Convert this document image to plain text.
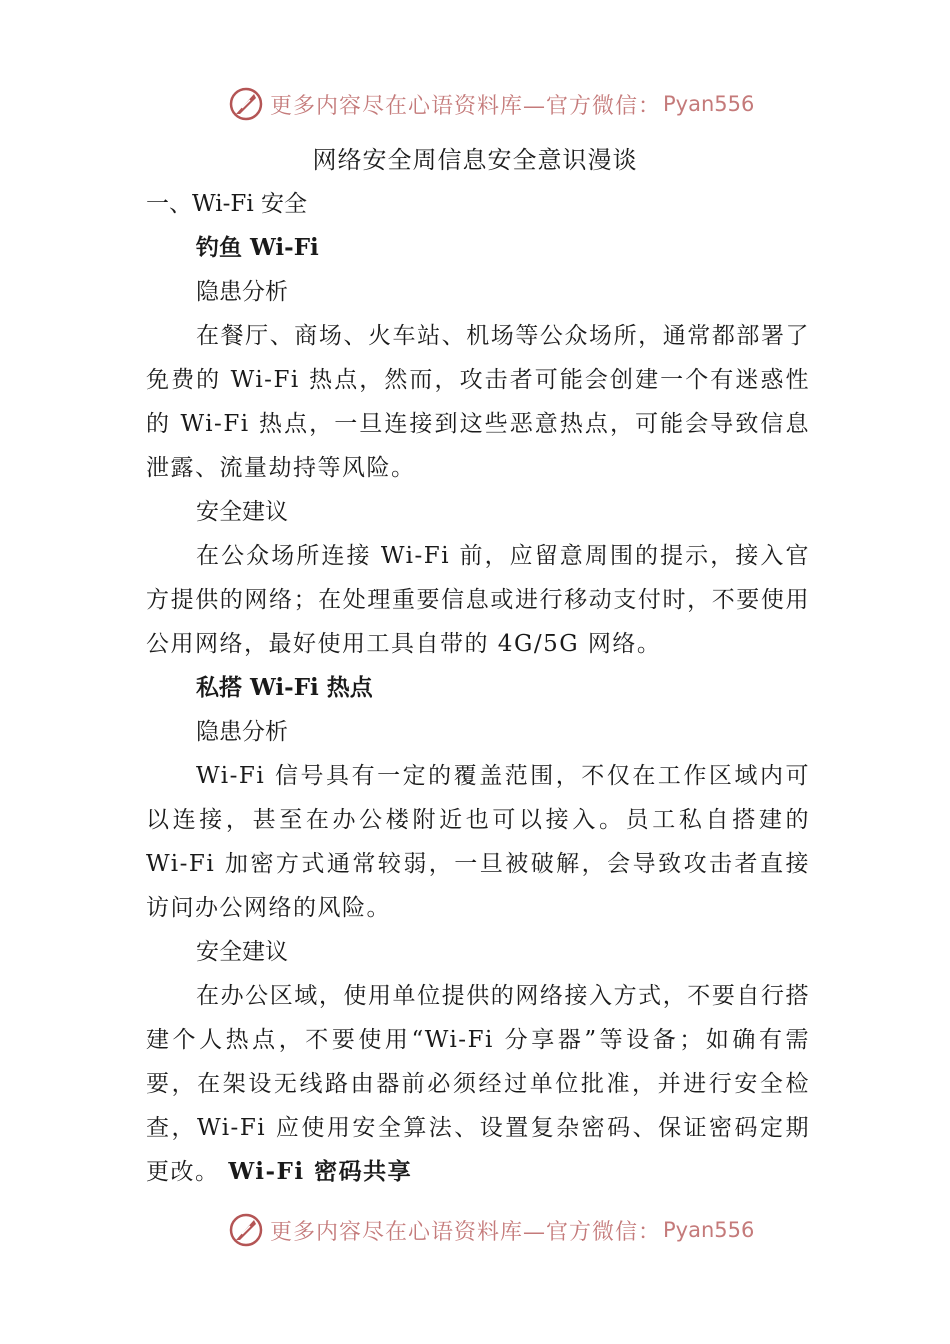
更多内容尽在心语资料库—官方微信： Pyan556
网络安全周信息安全意识漫谈

一、Wi-Fi 安全

钓鱼 Wi-Fi

隐患分析

在餐厅、商场、火车站、机场等公众场所，通常都部署了免费的 Wi-Fi 热点，然而，攻击者可能会创建一个有迷惑性的 Wi-Fi 热点，一旦连接到这些恶意热点，可能会导致信息泄露、流量劫持等风险。

安全建议

在公众场所连接 Wi-Fi 前，应留意周围的提示，接入官方提供的网络；在处理重要信息或进行移动支付时，不要使用公用网络，最好使用工具自带的 4G/5G 网络。

私搭 Wi-Fi 热点

隐患分析

Wi-Fi 信号具有一定的覆盖范围，不仅在工作区域内可以连接，甚至在办公楼附近也可以接入。员工私自搭建的 Wi-Fi 加密方式通常较弱，一旦被破解，会导致攻击者直接访问办公网络的风险。

安全建议

在办公区域，使用单位提供的网络接入方式，不要自行搭建个人热点，不要使用“Wi-Fi 分享器”等设备；如确有需要，在架设无线路由器前必须经过单位批准，并进行安全检查，Wi-Fi 应使用安全算法、设置复杂密码、保证密码定期更改。 Wi-Fi 密码共享

更多内容尽在心语资料库—官方微信： Pyan556
